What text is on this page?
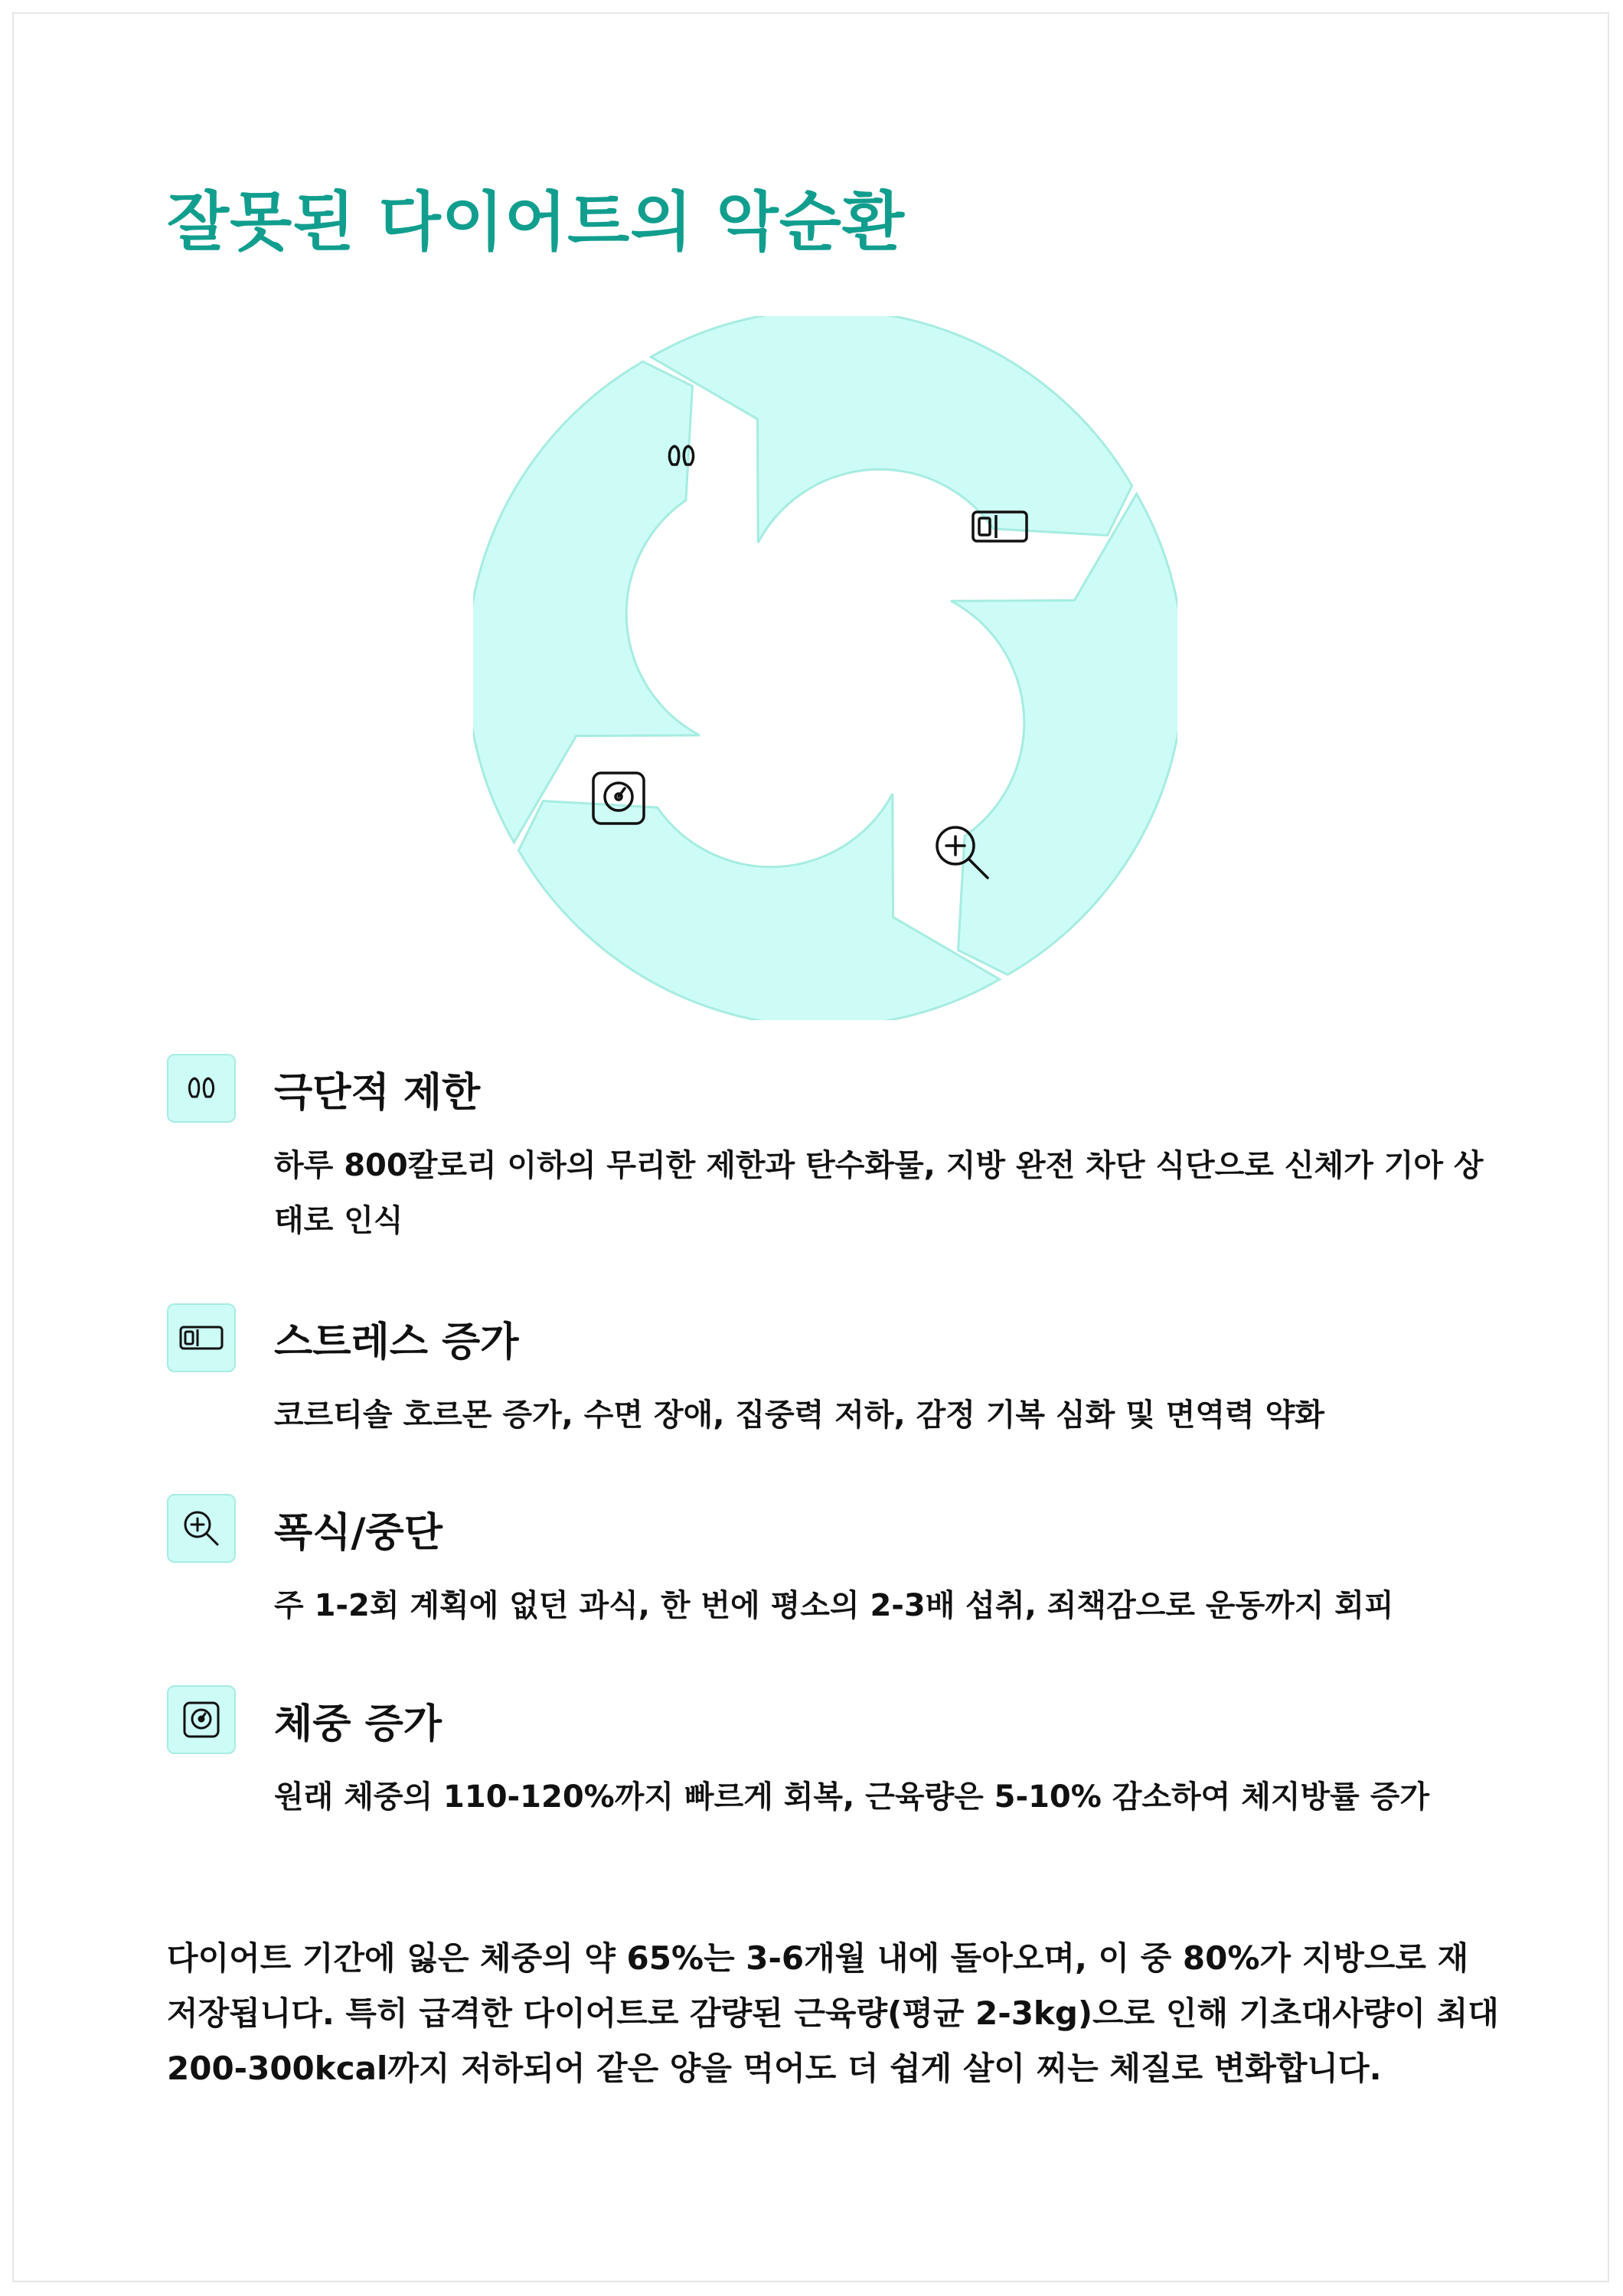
잘못된 다이어트의 악순환
극단적 제한

하루 800칼로리 이하의 무리한 제한과 탄수화물, 지방 완전 차단 식단으로 신체가 기아 상태로 인식

스트레스 증가

코르티솔 호르몬 증가, 수면 장애, 집중력 저하, 감정 기복 심화 및 면역력 약화

폭식/중단

주 1-2회 계획에 없던 과식, 한 번에 평소의 2-3배 섭취, 죄책감으로 운동까지 회피

체중 증가

원래 체중의 110-120%까지 빠르게 회복, 근육량은 5-10% 감소하여 체지방률 증가

다이어트 기간에 잃은 체중의 약 65%는 3-6개월 내에 돌아오며, 이 중 80%가 지방으로 재저장됩니다. 특히 급격한 다이어트로 감량된 근육량(평균 2-3kg)으로 인해 기초대사량이 최대 200-300kcal까지 저하되어 같은 양을 먹어도 더 쉽게 살이 찌는 체질로 변화합니다.
